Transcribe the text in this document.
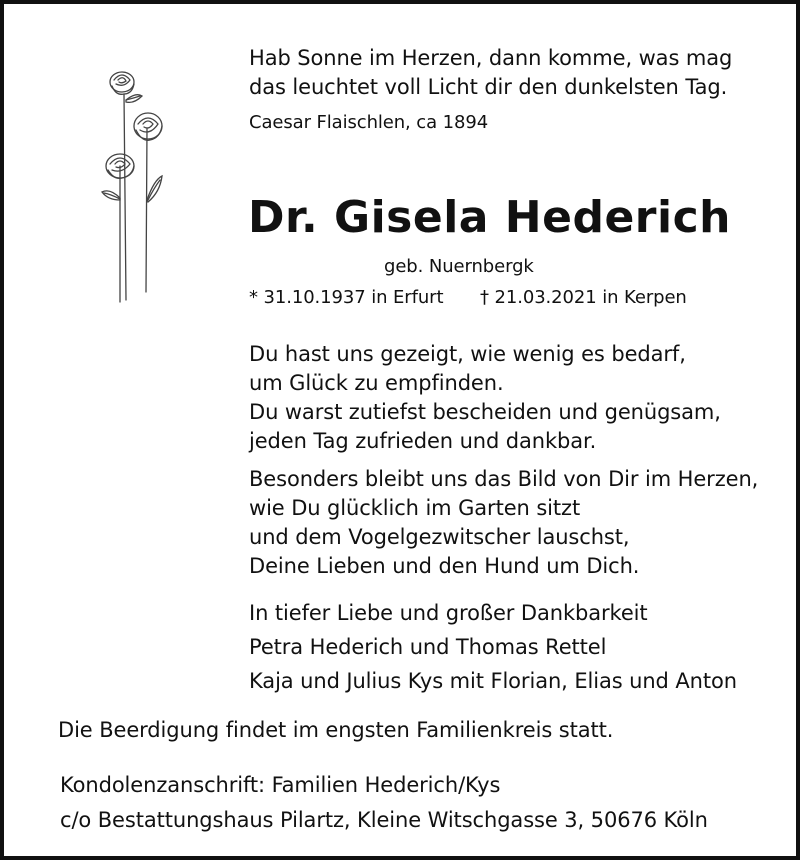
Hab Sonne im Herzen, dann komme, was mag
das leuchtet voll Licht dir den dunkelsten Tag.
Caesar Flaischlen, ca 1894
Dr. Gisela Hederich
geb. Nuernbergk
* 31.10.1937 in Erfurt † 21.03.2021 in Kerpen
Du hast uns gezeigt, wie wenig es bedarf,
um Glück zu empfinden.
Du warst zutiefst bescheiden und genügsam,
jeden Tag zufrieden und dankbar.
Besonders bleibt uns das Bild von Dir im Herzen,
wie Du glücklich im Garten sitzt
und dem Vogelgezwitscher lauschst,
Deine Lieben und den Hund um Dich.
In tiefer Liebe und großer Dankbarkeit
Petra Hederich und Thomas Rettel
Kaja und Julius Kys mit Florian, Elias und Anton
Die Beerdigung findet im engsten Familienkreis statt.
Kondolenzanschrift: Familien Hederich/Kys
c/o Bestattungshaus Pilartz, Kleine Witschgasse 3, 50676 Köln
